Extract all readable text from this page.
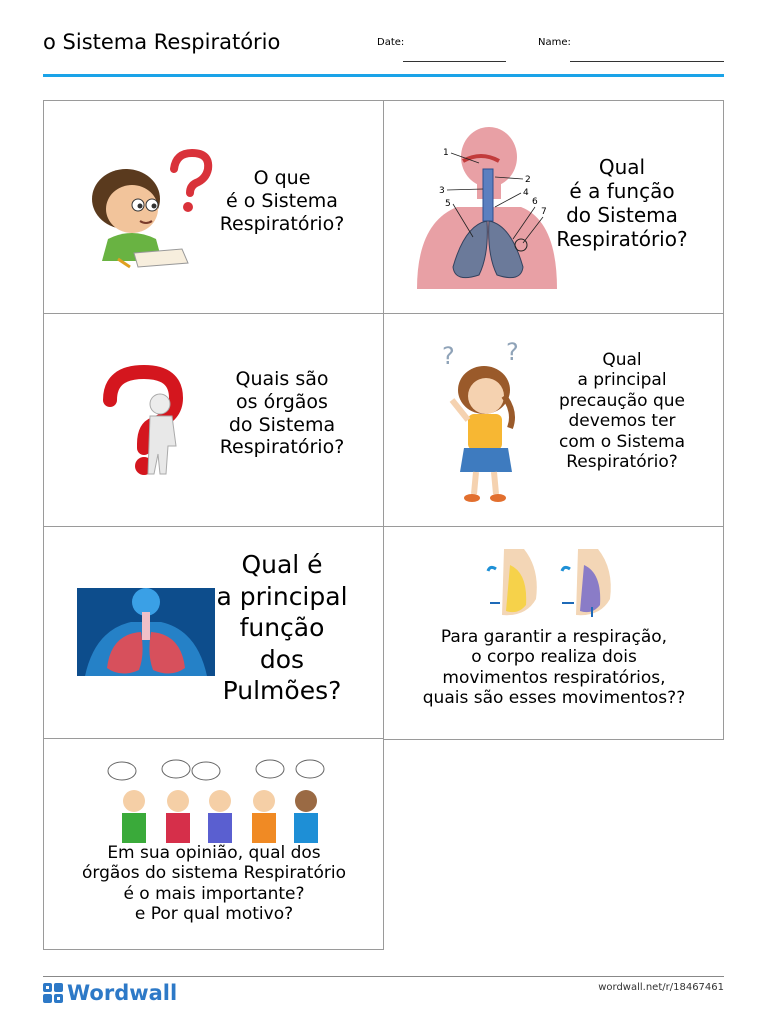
o Sistema Respiratório	Date:	Name:
O que
é o Sistema
Respiratório?
1
2
3	4
5	6
7
Qual
é a função
do Sistema
Respiratório?
Quais são
os órgãos
do Sistema
Respiratório?
? ?	Qual
a principal
precaução que
devemos ter
com o Sistema
Respiratório?
Qual é
a principal
função
dos
Pulmões?
Para garantir a respiração,
o corpo realiza dois
movimentos respiratórios,
quais são esses movimentos??
Em sua opinião, qual dos
órgãos do sistema Respiratório
é o mais importante?
e Por qual motivo?
Wordwall	wordwall.net/r/18467461
